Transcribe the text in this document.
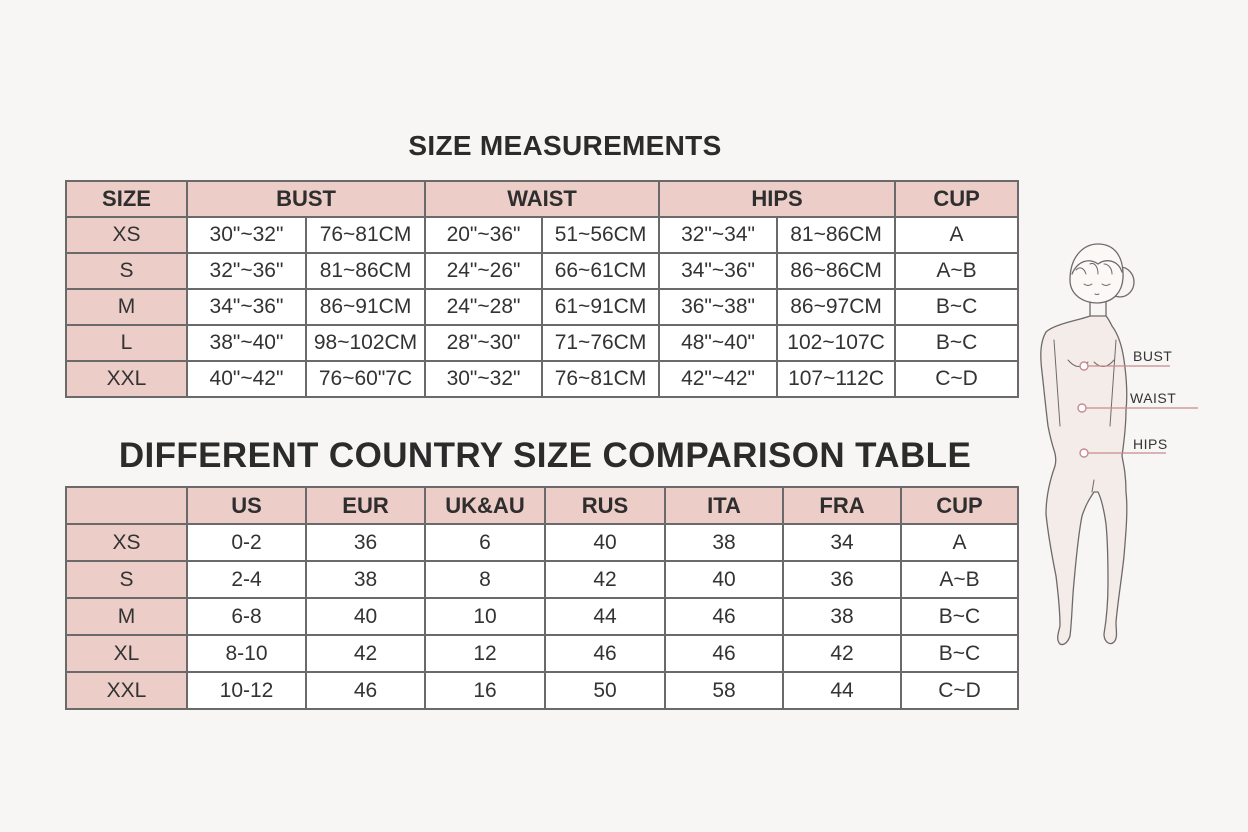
SIZE MEASUREMENTS
SIZE	BUST		WAIST		HIPS		CUP
XS	30"~32"	76~81CM	20"~36"	51~56CM	32"~34"	81~86CM	A
S	32"~36"	81~86CM	24"~26"	66~61CM	34"~36"	86~86CM	A~B
M	34"~36"	86~91CM	24"~28"	61~91CM	36"~38"	86~97CM	B~C
L	38"~40"	98~102CM	28"~30"	71~76CM	48"~40"	102~107C	B~C
XXL	40"~42"	76~60"7C	30"~32"	76~81CM	42"~42"	107~112C	C~D
DIFFERENT COUNTRY SIZE COMPARISON TABLE
	US	EUR	UK&AU	RUS	ITA	FRA	CUP
XS	0-2	36	6	40	38	34	A
S	2-4	38	8	42	40	36	A~B
M	6-8	40	10	44	46	38	B~C
XL	8-10	42	12	46	46	42	B~C
XXL	10-12	46	16	50	58	44	C~D
BUST
WAIST
HIPS
